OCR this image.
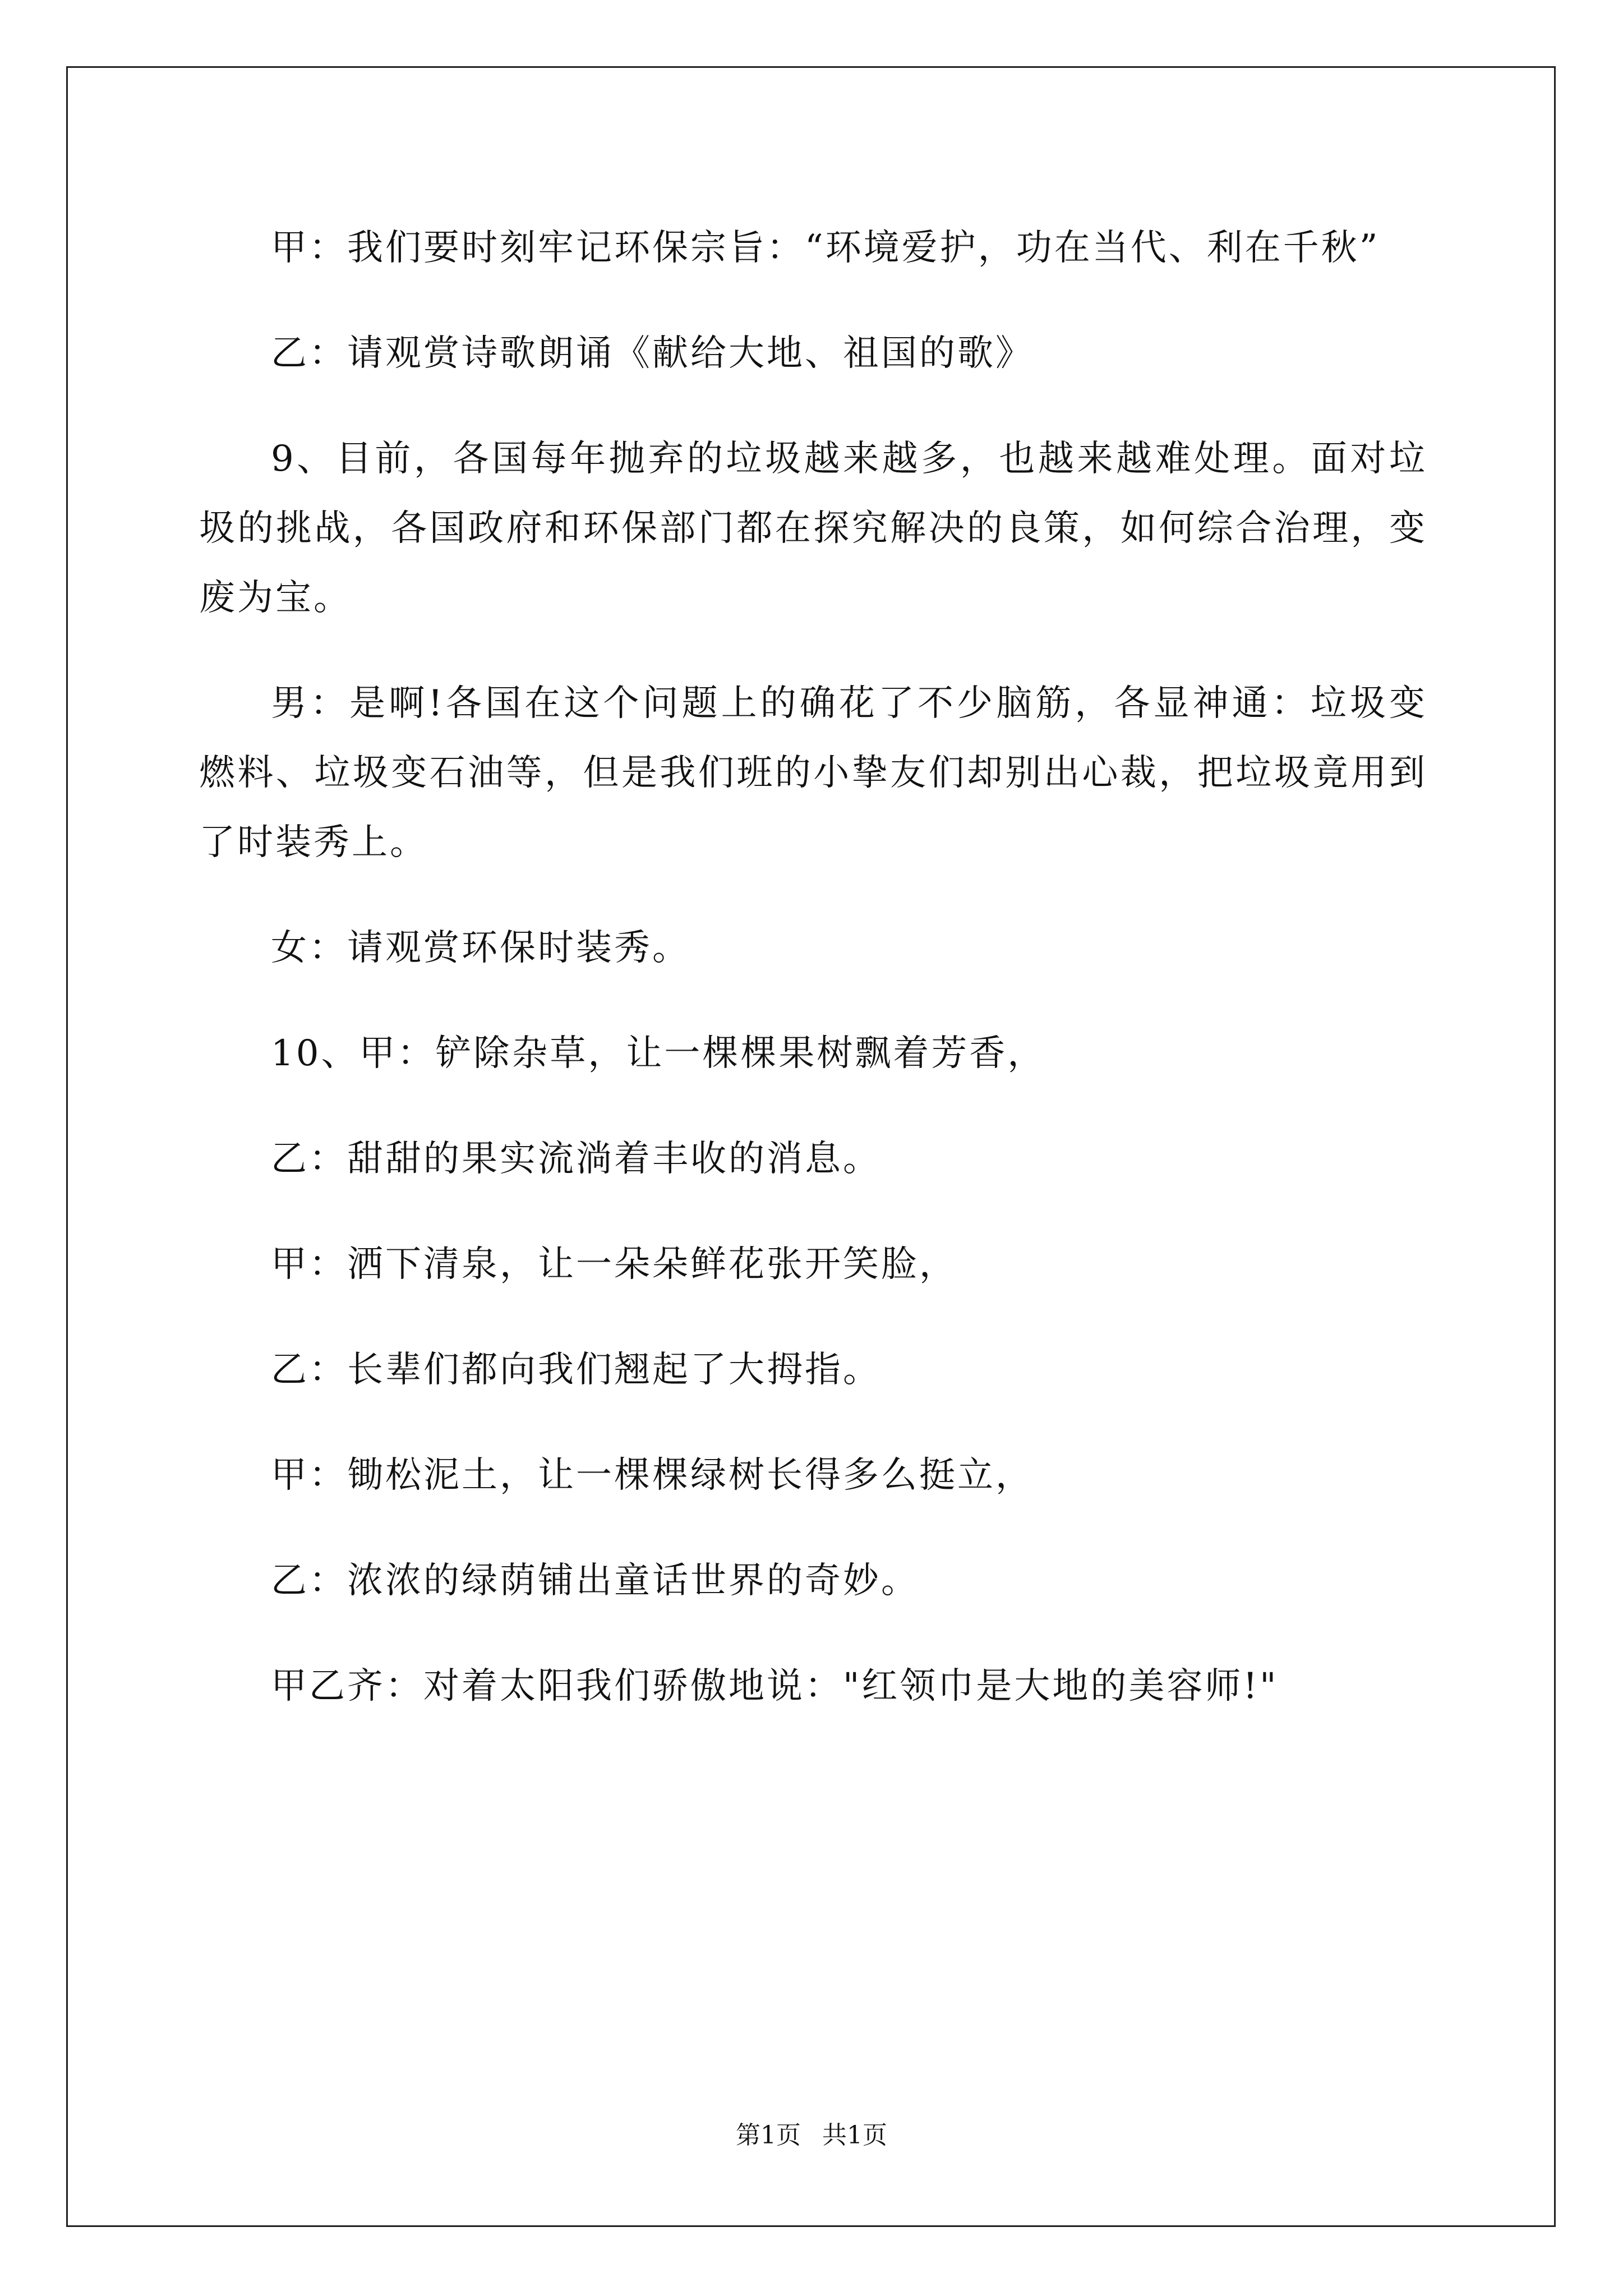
甲：我们要时刻牢记环保宗旨：“环境爱护，功在当代、利在千秋”

乙：请观赏诗歌朗诵《献给大地、祖国的歌》

9、目前，各国每年抛弃的垃圾越来越多，也越来越难处理。面对垃圾的挑战，各国政府和环保部门都在探究解决的良策，如何综合治理，变废为宝。

男：是啊!各国在这个问题上的确花了不少脑筋，各显神通：垃圾变燃料、垃圾变石油等，但是我们班的小挚友们却别出心裁，把垃圾竟用到了时装秀上。

女：请观赏环保时装秀。

10、甲：铲除杂草，让一棵棵果树飘着芳香，

乙：甜甜的果实流淌着丰收的消息。

甲：洒下清泉，让一朵朵鲜花张开笑脸，

乙：长辈们都向我们翘起了大拇指。

甲：锄松泥土，让一棵棵绿树长得多么挺立，

乙：浓浓的绿荫铺出童话世界的奇妙。

甲乙齐：对着太阳我们骄傲地说："红领巾是大地的美容师!"

第1页 共1页
